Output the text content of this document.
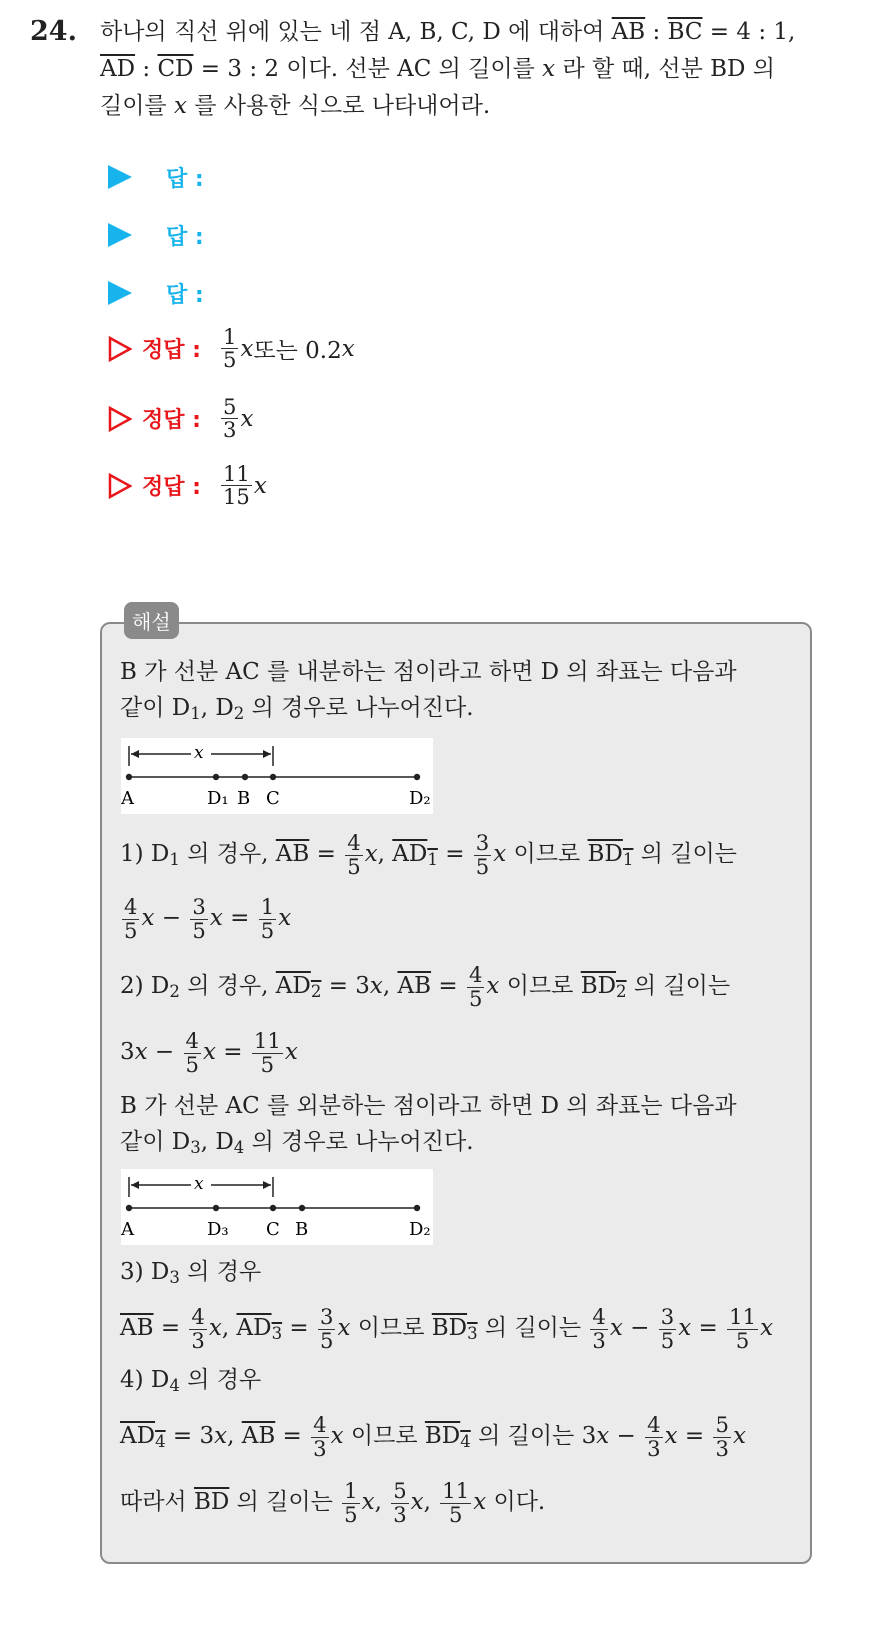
24. 하나의 직선 위에 있는 네 점 A, B, C, D 에 대하여 $\overline{AB}$ : $\overline{BC} = 4$ : 1,
$\overline{AD}$ : $\overline{CD} = 3$ : 2 이다. 선분 AC 의 길이를 x 라 할 때, 선분 BD 의
길이를 x 를 사용한 식으로 나타내어라.
답 :
답 :
답 :
정답 : $\frac{1}{5}$ x 또는 0.2 x
정답 : $\frac{5}{3}$ x
정답 : $\frac{11}{15}$ x
해설
B 가 선분 AC 를 내분하는 점이라고 하면 D 의 좌표는 다음과
같이 $D_1$, $D_2$ 의 경우로 나누어진다.
x
A	D₁ B C	D₂
1) $D_1$ 의 경우, $\overline{AB} = \frac{4}{5} x$, $AD_1 = \frac{3}{5}$ x 이므로 $BD_1$ 의 길이는
$\frac{4}{5}$ $x - \frac{3}{5}$ $x = \frac{1}{5}$ x
2) $D_2$ 의 경우, $AD_2 = 3x$, $\overline{AB} = \frac{4}{5}$ x 이므로 $BD_2$ 의 길이는
$3x - \frac{4}{5}$ $x = \frac{11}{5}$ x
B 가 선분 AC 를 외분하는 점이라고 하면 D 의 좌표는 다음과
같이 $D_3$, $D_4$ 의 경우로 나누어진다.
x
A	D₃ C B	D₂
3) $D_3$ 의 경우
$\overline{AB} = \frac{4}{3} x$, $AD_3 = \frac{3}{5}$ x 이므로 $BD_3$ 의 길이는 $\frac{4}{3}$ $x - \frac{3}{5}$ $x = \frac{11}{5}$ x
4) $D_4$ 의 경우
$AD_4 = 3x$, $\overline{AB} = \frac{4}{3}$ x 이므로 $BD_4$ 의 길이는 $3x - \frac{4}{3}$ $x = \frac{5}{3}$ x
따라서 $\overline{BD}$ 의 길이는 $\frac{1}{5} x$, $\frac{5}{3} x$, $\frac{11}{5}$ x 이다.
